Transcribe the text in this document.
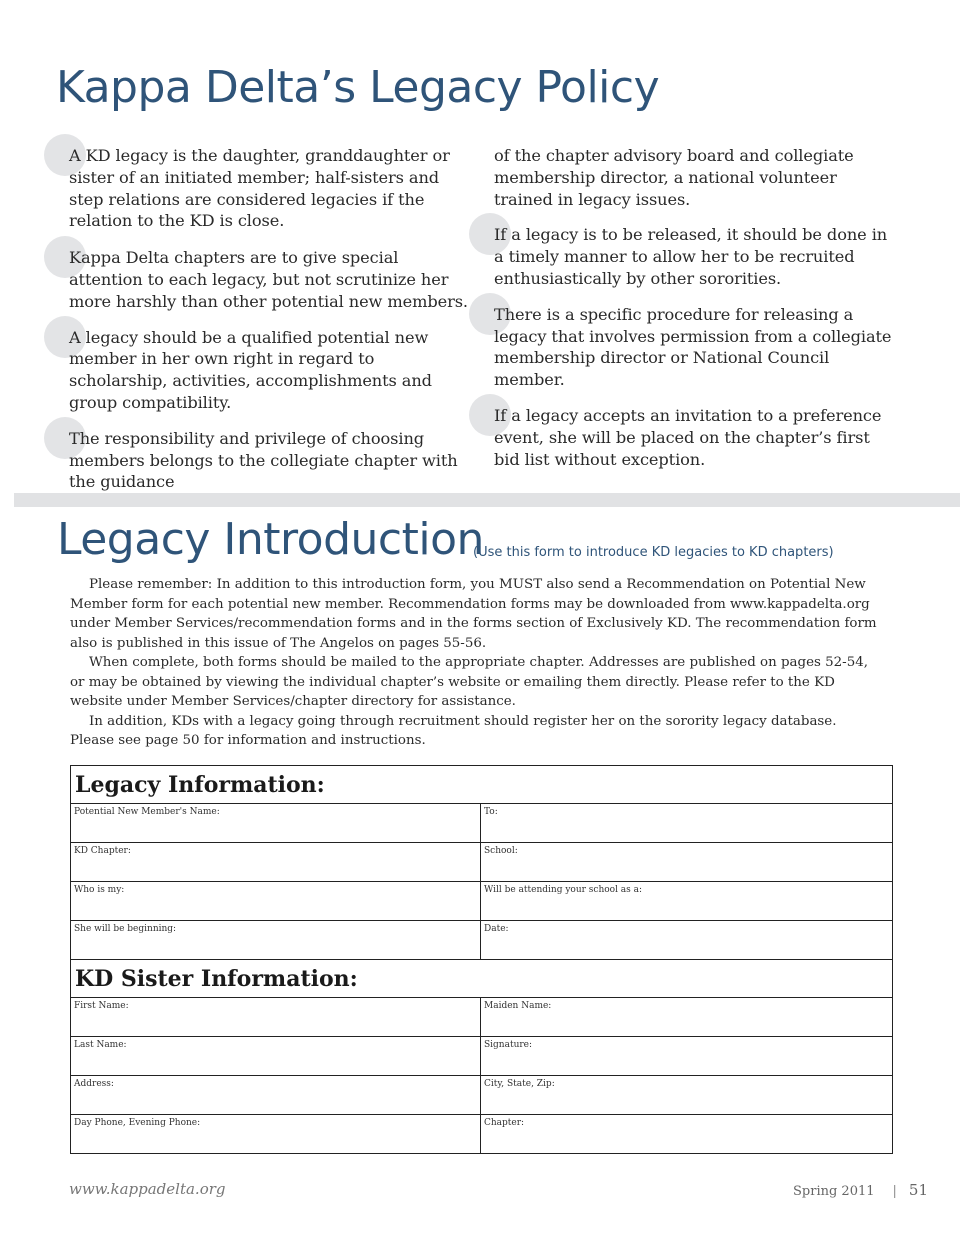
Kappa Delta’s Legacy Policy
A KD legacy is the daughter, granddaughter or sister of an initiated member; half-sisters and step relations are considered legacies if the relation to the KD is close.
Kappa Delta chapters are to give special attention to each legacy, but not scrutinize her more harshly than other potential new members.
A legacy should be a qualified potential new member in her own right in regard to scholarship, activities, accomplishments and group compatibility.
The responsibility and privilege of choosing members belongs to the collegiate chapter with the guidance
of the chapter advisory board and collegiate membership director, a national volunteer trained in legacy issues.
If a legacy is to be released, it should be done in a timely manner to allow her to be recruited enthusiastically by other sororities.
There is a specific procedure for releasing a legacy that involves permission from a collegiate membership director or National Council member.
If a legacy accepts an invitation to a preference event, she will be placed on the chapter’s first bid list without exception.
Legacy Introduction
(Use this form to introduce KD legacies to KD chapters)

Please remember: In addition to this introduction form, you MUST also send a Recommendation on Potential New Member form for each potential new member. Recommendation forms may be downloaded from www.kappadelta.org under Member Services/recommendation forms and in the forms section of Exclusively KD. The recommendation form also is published in this issue of The Angelos on pages 55-56.

When complete, both forms should be mailed to the appropriate chapter. Addresses are published on pages 52-54, or may be obtained by viewing the individual chapter’s website or emailing them directly. Please refer to the KD website under Member Services/chapter directory for assistance.

In addition, KDs with a legacy going through recruitment should register her on the sorority legacy database. Please see page 50 for information and instructions.

Legacy Information:
Potential New Member's Name:	To:
KD Chapter:	School:
Who is my:	Will be attending your school as a:
She will be beginning:	Date:
KD Sister Information:
First Name:	Maiden Name:
Last Name:	Signature:
Address:	City, State, Zip:
Day Phone, Evening Phone:	Chapter:
www.kappadelta.org	Spring 2011 | 51
